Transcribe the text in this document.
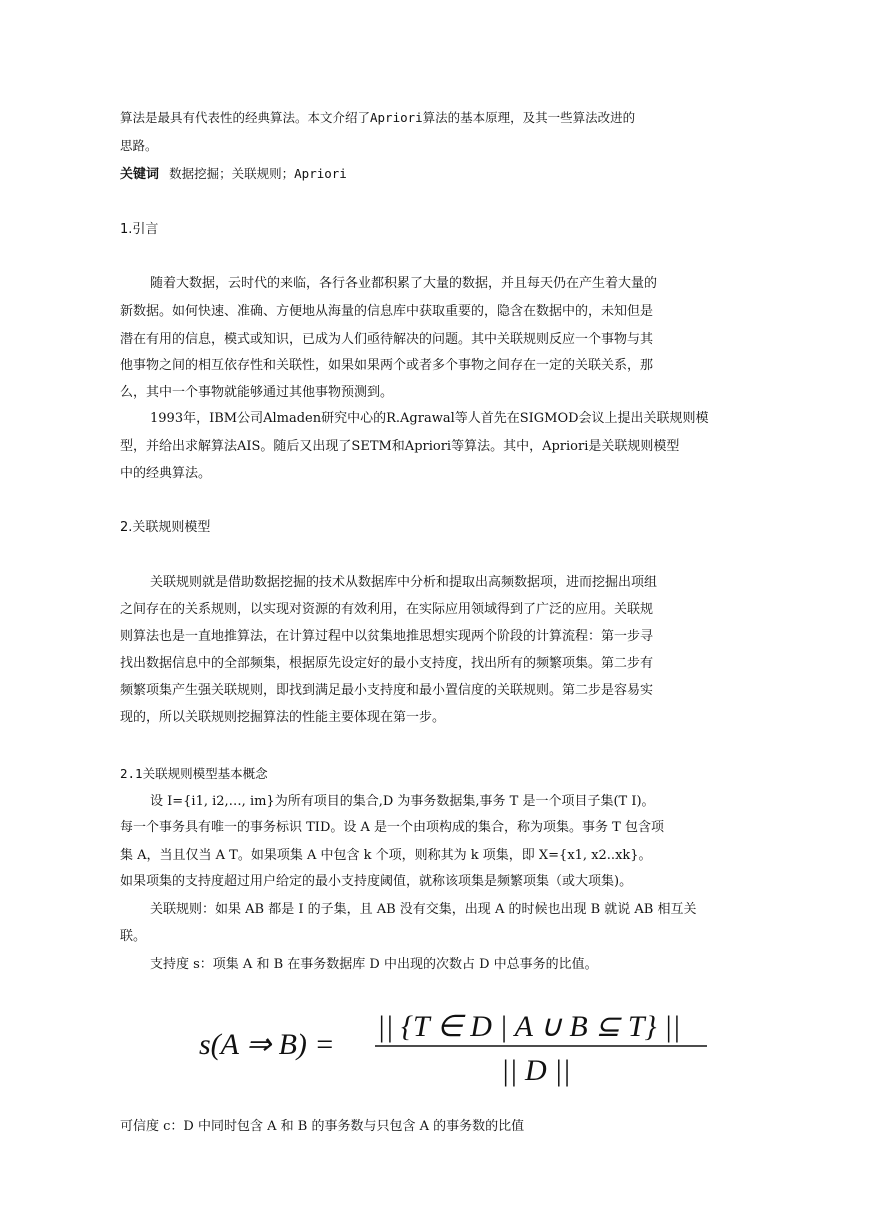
算法是最具有代表性的经典算法。本文介绍了Apriori算法的基本原理，及其一些算法改进的
思路。
关键词 数据挖掘；关联规则；Apriori
1.引言
随着大数据，云时代的来临，各行各业都积累了大量的数据，并且每天仍在产生着大量的
新数据。如何快速、准确、方便地从海量的信息库中获取重要的，隐含在数据中的，未知但是
潜在有用的信息，模式或知识，已成为人们亟待解决的问题。其中关联规则反应一个事物与其
他事物之间的相互依存性和关联性，如果如果两个或者多个事物之间存在一定的关联关系，那
么，其中一个事物就能够通过其他事物预测到。
1993年，IBM公司Almaden研究中心的R.Agrawal等人首先在SIGMOD会议上提出关联规则模
型，并给出求解算法AIS。随后又出现了SETM和Apriori等算法。其中，Apriori是关联规则模型
中的经典算法。
2.关联规则模型
关联规则就是借助数据挖掘的技术从数据库中分析和提取出高频数据项，进而挖掘出项组
之间存在的关系规则，以实现对资源的有效利用，在实际应用领域得到了广泛的应用。关联规
则算法也是一直地推算法，在计算过程中以贫集地推思想实现两个阶段的计算流程：第一步寻
找出数据信息中的全部频集，根据原先设定好的最小支持度，找出所有的频繁项集。第二步有
频繁项集产生强关联规则，即找到满足最小支持度和最小置信度的关联规则。第二步是容易实
现的，所以关联规则挖掘算法的性能主要体现在第一步。
2.1关联规则模型基本概念
设 I={i1, i2,…, im}为所有项目的集合,D 为事务数据集,事务 T 是一个项目子集(T I)。
每一个事务具有唯一的事务标识 TID。设 A 是一个由项构成的集合，称为项集。事务 T 包含项
集 A，当且仅当 A T。如果项集 A 中包含 k 个项，则称其为 k 项集，即 X={x1, x2..xk}。
如果项集的支持度超过用户给定的最小支持度阈值，就称该项集是频繁项集（或大项集)。
关联规则：如果 AB 都是 I 的子集，且 AB 没有交集，出现 A 的时候也出现 B 就说 AB 相互关
联。
支持度 s：项集 A 和 B 在事务数据库 D 中出现的次数占 D 中总事务的比值。
s(A ⇒ B) =
|| {T ∈ D | A ∪ B ⊆ T} ||
|| D ||
可信度 c：D 中同时包含 A 和 B 的事务数与只包含 A 的事务数的比值
